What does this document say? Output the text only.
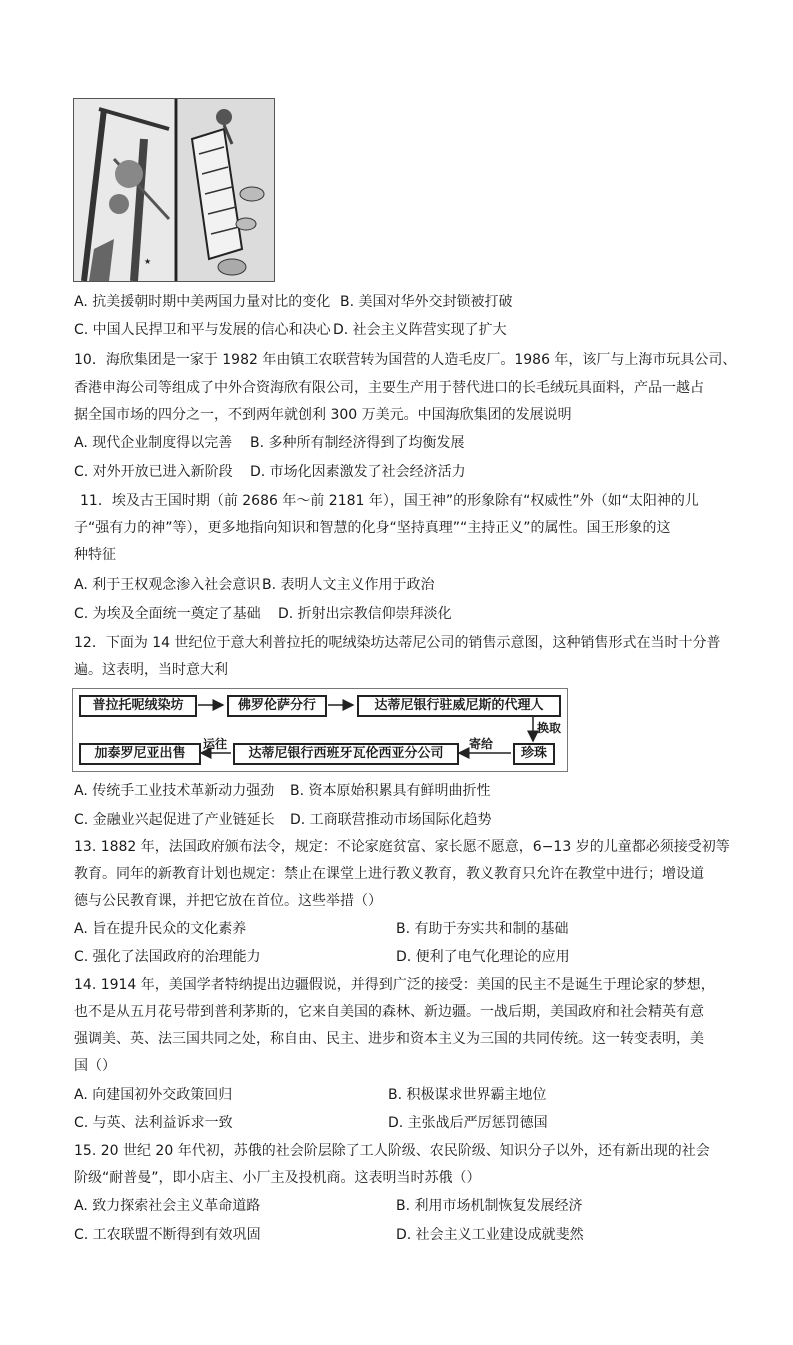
★
A. 抗美援朝时期中美两国力量对比的变化 B. 美国对华外交封锁被打破
C. 中国人民捍卫和平与发展的信心和决心 D. 社会主义阵营实现了扩大
10．海欣集团是一家于 1982 年由镇工农联营转为国营的人造毛皮厂。1986 年，该厂与上海市玩具公司、
香港申海公司等组成了中外合资海欣有限公司，主要生产用于替代进口的长毛绒玩具面料，产品一越占
据全国市场的四分之一，不到两年就创利 300 万美元。中国海欣集团的发展说明
A. 现代企业制度得以完善 B. 多种所有制经济得到了均衡发展
C. 对外开放已进入新阶段 D. 市场化因素激发了社会经济活力
11．埃及古王国时期（前 2686 年～前 2181 年），国王神”的形象除有“权威性”外（如“太阳神的儿
子“强有力的神”等），更多地指向知识和智慧的化身“坚持真理”“主持正义”的属性。国王形象的这
种特征
A. 利于王权观念渗入社会意识 B. 表明人文主义作用于政治
C. 为埃及全面统一奠定了基础 D. 折射出宗教信仰崇拜淡化
12．下面为 14 世纪位于意大利普拉托的呢绒染坊达蒂尼公司的销售示意图，这种销售形式在当时十分普
遍。这表明，当时意大利
普拉托呢绒染坊	佛罗伦萨分行	达蒂尼银行驻威尼斯的代理人
换取
珍珠
寄给
达蒂尼银行西班牙瓦伦西亚分公司
运往
加泰罗尼亚出售
A. 传统手工业技术革新动力强劲 B. 资本原始积累具有鲜明曲折性
C. 金融业兴起促进了产业链延长 D. 工商联营推动市场国际化趋势
13. 1882 年，法国政府颁布法令，规定：不论家庭贫富、家长愿不愿意，6−13 岁的儿童都必须接受初等
教育。同年的新教育计划也规定：禁止在课堂上进行教义教育，教义教育只允许在教堂中进行；增设道
德与公民教育课，并把它放在首位。这些举措（）
A. 旨在提升民众的文化素养	B. 有助于夯实共和制的基础
C. 强化了法国政府的治理能力	D. 便利了电气化理论的应用
14. 1914 年，美国学者特纳提出边疆假说，并得到广泛的接受：美国的民主不是诞生于理论家的梦想，
也不是从五月花号带到普利茅斯的，它来自美国的森林、新边疆。一战后期，美国政府和社会精英有意
强调美、英、法三国共同之处，称自由、民主、进步和资本主义为三国的共同传统。这一转变表明，美
国（）
A. 向建国初外交政策回归	B. 积极谋求世界霸主地位
C. 与英、法利益诉求一致	D. 主张战后严厉惩罚德国
15. 20 世纪 20 年代初，苏俄的社会阶层除了工人阶级、农民阶级、知识分子以外，还有新出现的社会
阶级“耐普曼”，即小店主、小厂主及投机商。这表明当时苏俄（）
A. 致力探索社会主义革命道路	B. 利用市场机制恢复发展经济
C. 工农联盟不断得到有效巩固	D. 社会主义工业建设成就斐然
